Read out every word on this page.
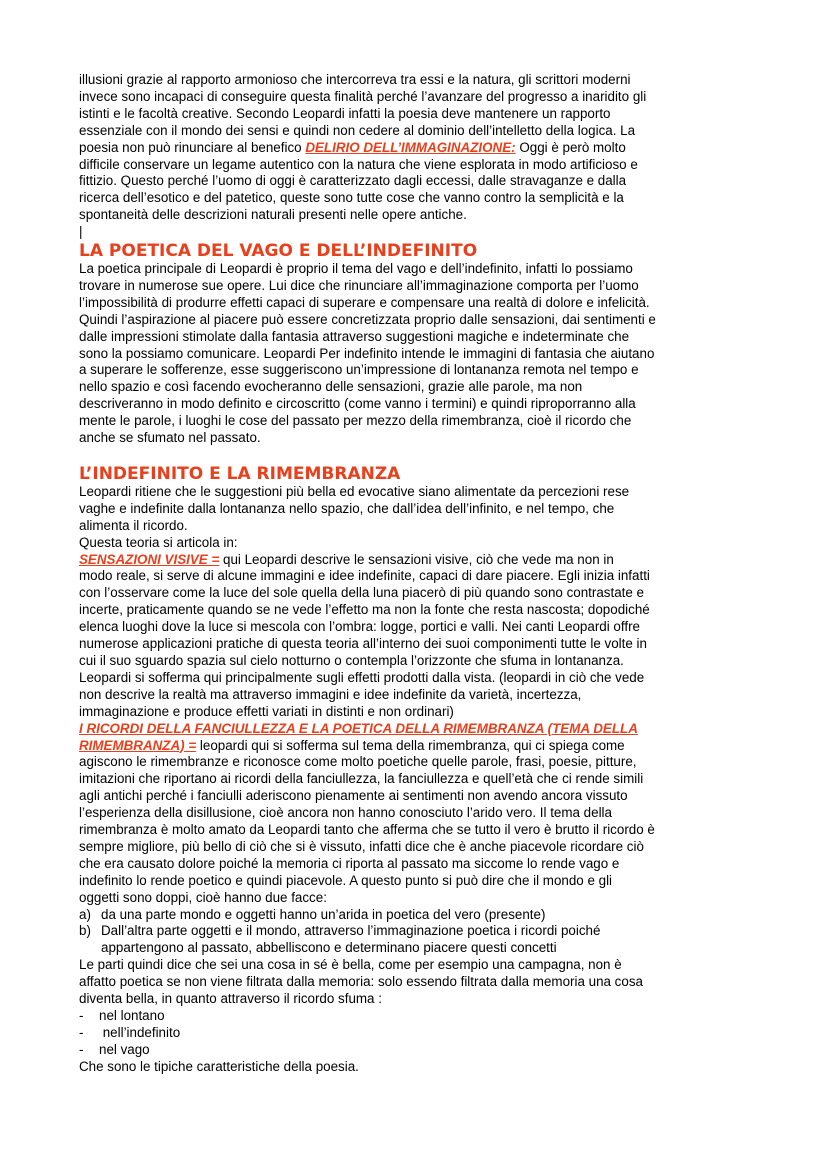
illusioni grazie al rapporto armonioso che intercorreva tra essi e la natura, gli scrittori moderni
invece sono incapaci di conseguire questa finalità perché l’avanzare del progresso a inaridito gli
istinti e le facoltà creative. Secondo Leopardi infatti la poesia deve mantenere un rapporto
essenziale con il mondo dei sensi e quindi non cedere al dominio dell’intelletto della logica. La
poesia non può rinunciare al benefico DELIRIO DELL’IMMAGINAZIONE: Oggi è però molto
difficile conservare un legame autentico con la natura che viene esplorata in modo artificioso e
fittizio. Questo perché l’uomo di oggi è caratterizzato dagli eccessi, dalle stravaganze e dalla
ricerca dell’esotico e del patetico, queste sono tutte cose che vanno contro la semplicità e la
spontaneità delle descrizioni naturali presenti nelle opere antiche.
|
LA POETICA DEL VAGO E DELL’INDEFINITO
La poetica principale di Leopardi è proprio il tema del vago e dell’indefinito, infatti lo possiamo
trovare in numerose sue opere. Lui dice che rinunciare all’immaginazione comporta per l’uomo
l’impossibilità di produrre effetti capaci di superare e compensare una realtà di dolore e infelicità.
Quindi l’aspirazione al piacere può essere concretizzata proprio dalle sensazioni, dai sentimenti e
dalle impressioni stimolate dalla fantasia attraverso suggestioni magiche e indeterminate che
sono la possiamo comunicare. Leopardi Per indefinito intende le immagini di fantasia che aiutano
a superare le sofferenze, esse suggeriscono un’impressione di lontananza remota nel tempo e
nello spazio e così facendo evocheranno delle sensazioni, grazie alle parole, ma non
descriveranno in modo definito e circoscritto (come vanno i termini) e quindi riproporranno alla
mente le parole, i luoghi le cose del passato per mezzo della rimembranza, cioè il ricordo che
anche se sfumato nel passato.
L’INDEFINITO E LA RIMEMBRANZA
Leopardi ritiene che le suggestioni più bella ed evocative siano alimentate da percezioni rese
vaghe e indefinite dalla lontananza nello spazio, che dall’idea dell’infinito, e nel tempo, che
alimenta il ricordo.
Questa teoria si articola in:
SENSAZIONI VISIVE = qui Leopardi descrive le sensazioni visive, ciò che vede ma non in
modo reale, si serve di alcune immagini e idee indefinite, capaci di dare piacere. Egli inizia infatti
con l’osservare come la luce del sole quella della luna piacerò di più quando sono contrastate e
incerte, praticamente quando se ne vede l’effetto ma non la fonte che resta nascosta; dopodiché
elenca luoghi dove la luce si mescola con l’ombra: logge, portici e valli. Nei canti Leopardi offre
numerose applicazioni pratiche di questa teoria all’interno dei suoi componimenti tutte le volte in
cui il suo sguardo spazia sul cielo notturno o contempla l’orizzonte che sfuma in lontananza.
Leopardi si sofferma qui principalmente sugli effetti prodotti dalla vista. (leopardi in ciò che vede
non descrive la realtà ma attraverso immagini e idee indefinite da varietà, incertezza,
immaginazione e produce effetti variati in distinti e non ordinari)
I RICORDI DELLA FANCIULLEZZA E LA POETICA DELLA RIMEMBRANZA (TEMA DELLA
RIMEMBRANZA) = leopardi qui si sofferma sul tema della rimembranza, qui ci spiega come
agiscono le rimembranze e riconosce come molto poetiche quelle parole, frasi, poesie, pitture,
imitazioni che riportano ai ricordi della fanciullezza, la fanciullezza e quell’età che ci rende simili
agli antichi perché i fanciulli aderiscono pienamente ai sentimenti non avendo ancora vissuto
l’esperienza della disillusione, cioè ancora non hanno conosciuto l’arido vero. Il tema della
rimembranza è molto amato da Leopardi tanto che afferma che se tutto il vero è brutto il ricordo è
sempre migliore, più bello di ciò che si è vissuto, infatti dice che è anche piacevole ricordare ciò
che era causato dolore poiché la memoria ci riporta al passato ma siccome lo rende vago e
indefinito lo rende poetico e quindi piacevole. A questo punto si può dire che il mondo e gli
oggetti sono doppi, cioè hanno due facce:
a) da una parte mondo e oggetti hanno un’arida in poetica del vero (presente)
b) Dall’altra parte oggetti e il mondo, attraverso l’immaginazione poetica i ricordi poiché
appartengono al passato, abbelliscono e determinano piacere questi concetti
Le parti quindi dice che sei una cosa in sé è bella, come per esempio una campagna, non è
affatto poetica se non viene filtrata dalla memoria: solo essendo filtrata dalla memoria una cosa
diventa bella, in quanto attraverso il ricordo sfuma :
- nel lontano
- nell’indefinito
- nel vago
Che sono le tipiche caratteristiche della poesia.
